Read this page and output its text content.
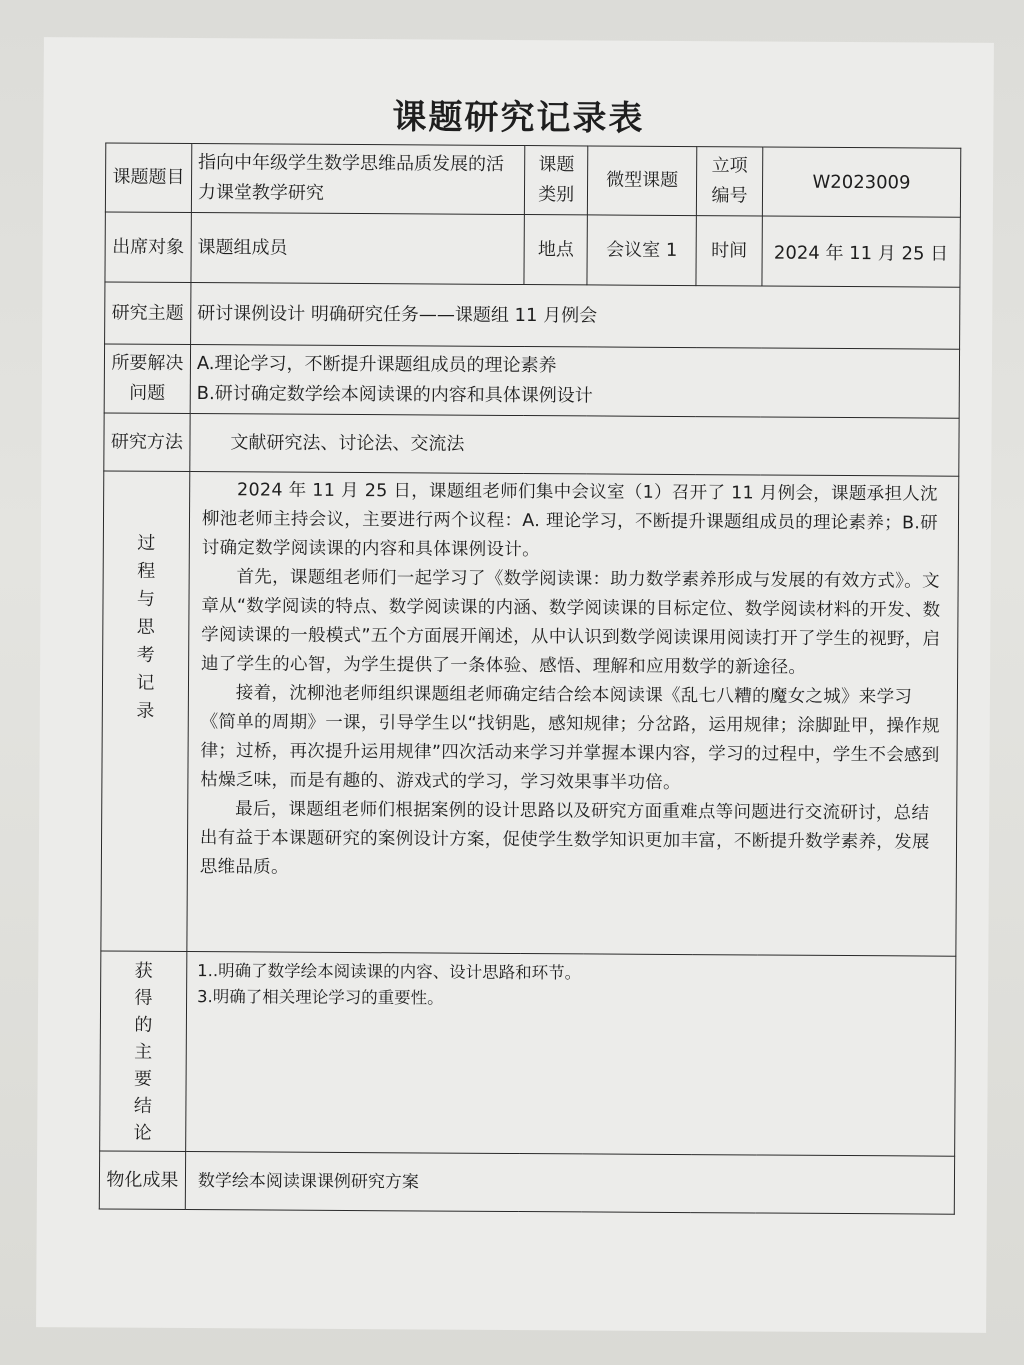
课题研究记录表
课题题目	指向中年级学生数学思维品质发展的活力课堂教学研究	课题类别	微型课题	立项编号	W2023009
出席对象	课题组成员	地点	会议室 1	时间	2024 年 11 月 25 日
研究主题	研讨课例设计 明确研究任务——课题组 11 月例会				
所要解决问题	A.理论学习，不断提升课题组成员的理论素养
B.研讨确定数学绘本阅读课的内容和具体课例设计				

研究方法	文献研究法、讨论法、交流法				

过程与思考记录	2024 年 11 月 25 日，课题组老师们集中会议室（1）召开了 11 月例会，课题承担人沈柳池老师主持会议，主要进行两个议程：A. 理论学习，不断提升课题组成员的理论素养；B.研讨确定数学阅读课的内容和具体课例设计。

首先，课题组老师们一起学习了《数学阅读课：助力数学素养形成与发展的有效方式》。文章从“数学阅读的特点、数学阅读课的内涵、数学阅读课的目标定位、数学阅读材料的开发、数学阅读课的一般模式”五个方面展开阐述，从中认识到数学阅读课用阅读打开了学生的视野，启迪了学生的心智，为学生提供了一条体验、感悟、理解和应用数学的新途径。

接着，沈柳池老师组织课题组老师确定结合绘本阅读课《乱七八糟的魔女之城》来学习《简单的周期》一课，引导学生以“找钥匙，感知规律；分岔路，运用规律；涂脚趾甲，操作规律；过桥，再次提升运用规律”四次活动来学习并掌握本课内容，学习的过程中，学生不会感到枯燥乏味，而是有趣的、游戏式的学习，学习效果事半功倍。

最后，课题组老师们根据案例的设计思路以及研究方面重难点等问题进行交流研讨，总结出有益于本课题研究的案例设计方案，促使学生数学知识更加丰富，不断提升数学素养，发展思维品质。				

获得的主要结论	1..明确了数学绘本阅读课的内容、设计思路和环节。
3.明确了相关理论学习的重要性。				

物化成果	数学绘本阅读课课例研究方案				
